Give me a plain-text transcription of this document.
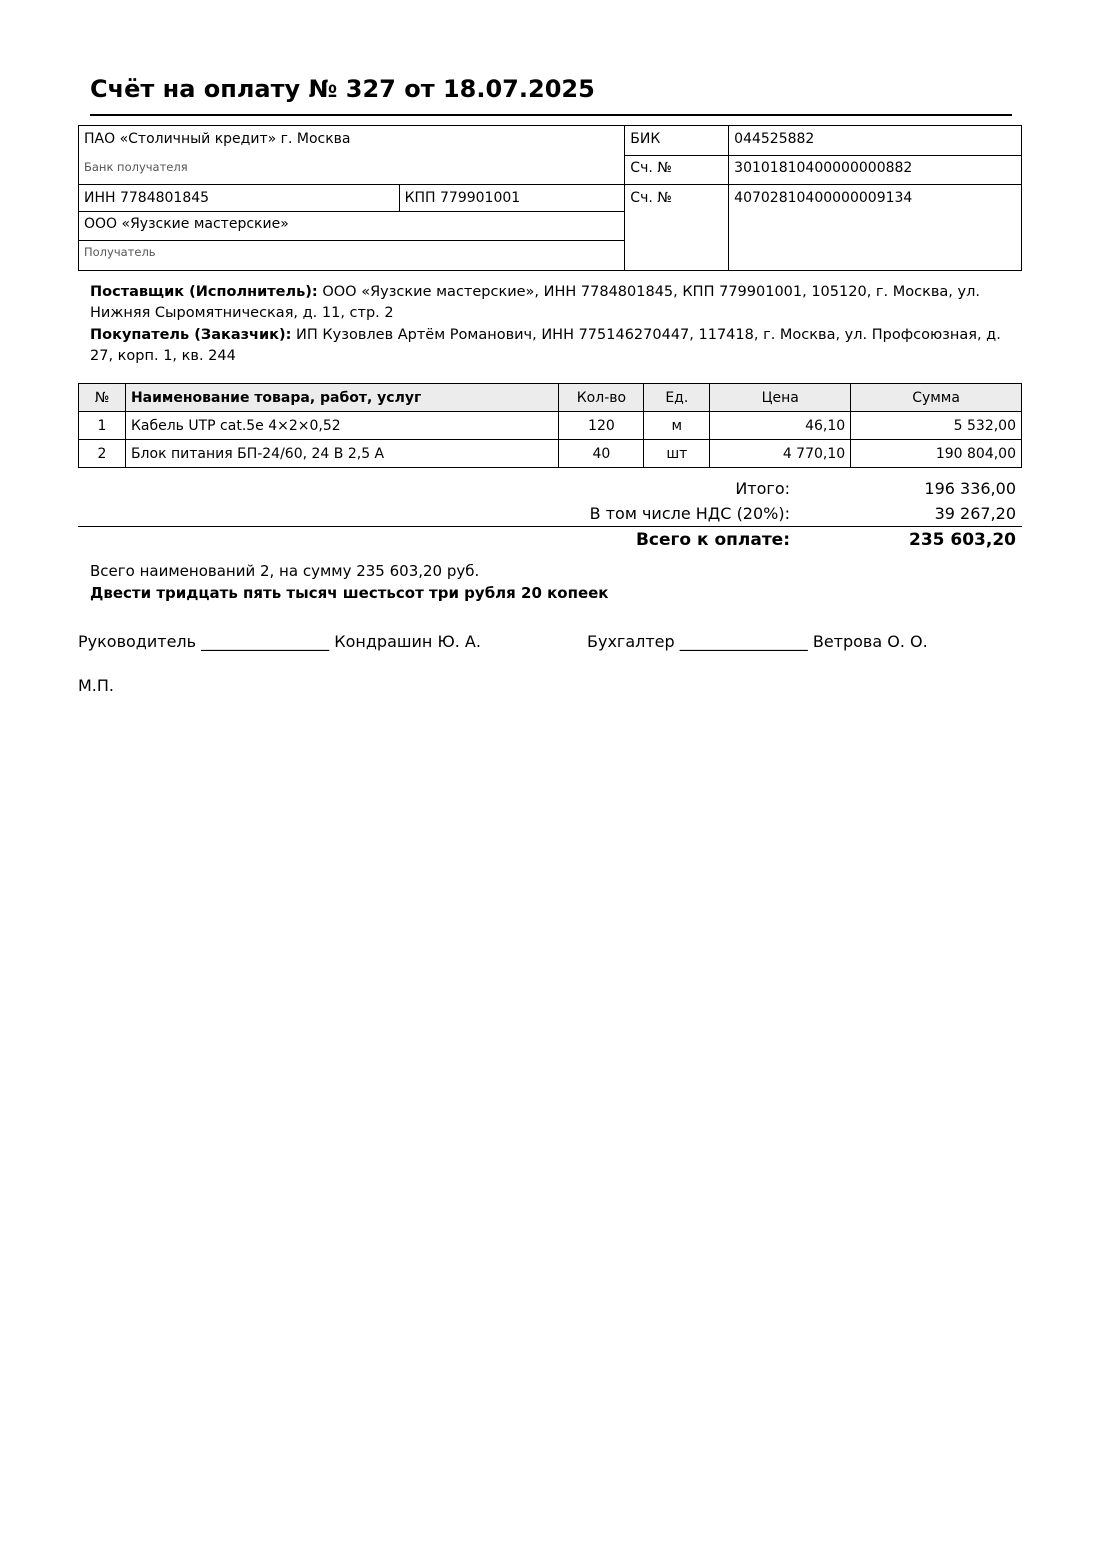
Счёт на оплату № 327 от 18.07.2025
ПАО «Столичный кредит» г. Москва		БИК	044525882
Банк получателя		Сч. №	30101810400000000882
ИНН 7784801845	КПП 779901001	Сч. №	40702810400000009134
ООО «Яузские мастерские»			
Получатель			

Поставщик (Исполнитель): ООО «Яузские мастерские», ИНН 7784801845, КПП 779901001, 105120, г. Москва, ул. Нижняя Сыромятническая, д. 11, стр. 2

Покупатель (Заказчик): ИП Кузовлев Артём Романович, ИНН 775146270447, 117418, г. Москва, ул. Профсоюзная, д. 27, корп. 1, кв. 244

№	Наименование товара, работ, услуг	Кол-во	Ед.	Цена	Сумма
1	Кабель UTP cat.5e 4×2×0,52	120	м	46,10	5 532,00
2	Блок питания БП-24/60, 24 В 2,5 А	40	шт	4 770,10	190 804,00
Итого:	196 336,00
В том числе НДС (20%):	39 267,20
Всего к оплате:	235 603,20
Всего наименований 2, на сумму 235 603,20 руб.
Двести тридцать пять тысяч шестьсот три рубля 20 копеек
Руководитель ________________ Кондрашин Ю. А.	Бухгалтер ________________ Ветрова О. О.
М.П.
